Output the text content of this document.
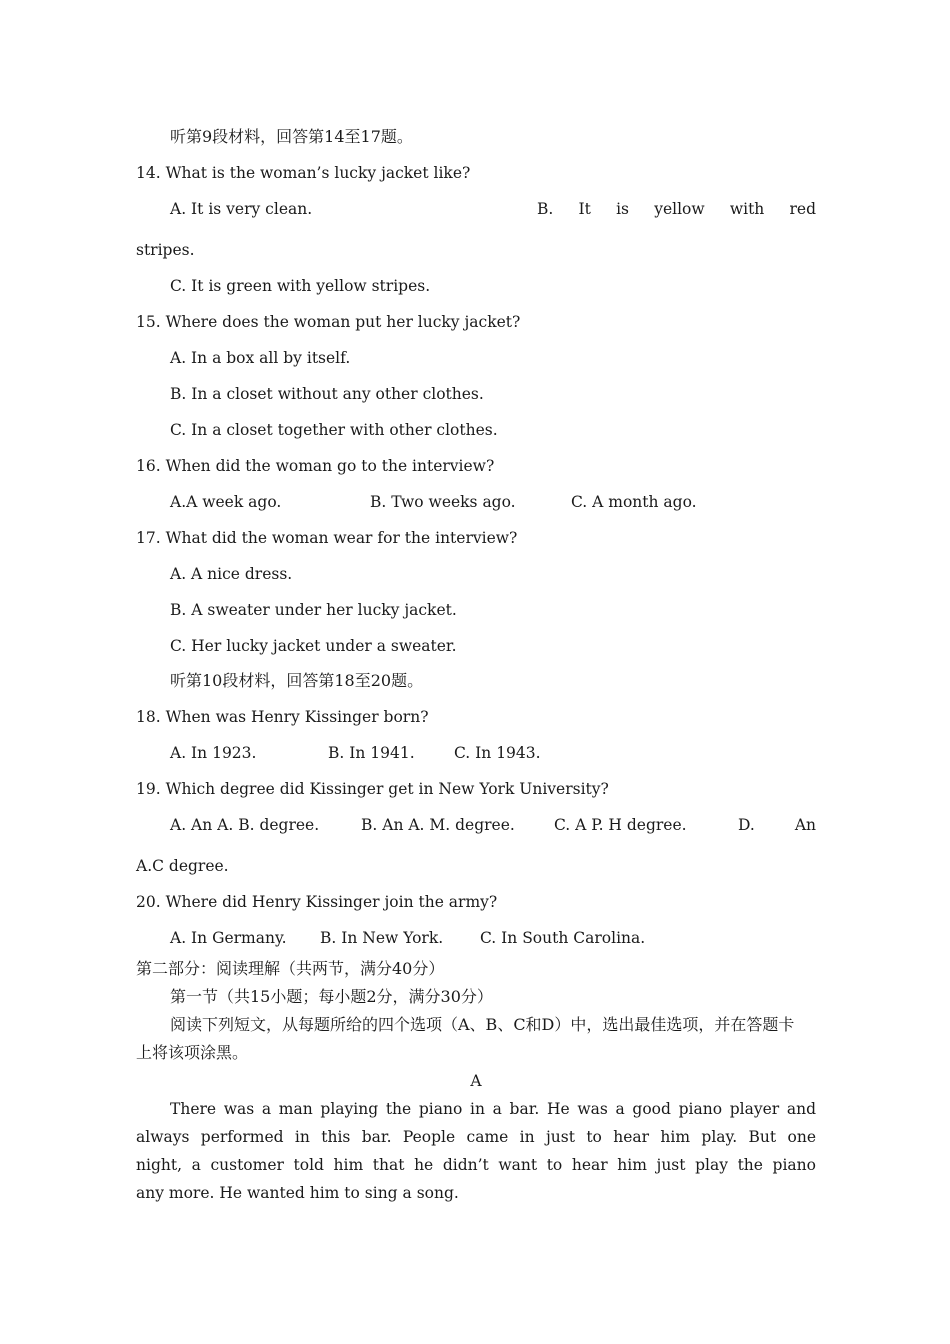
听第9段材料，回答第14至17题。
14. What is the woman’s lucky jacket like?
A. It is very clean.	B. It is yellow with red
stripes.
C. It is green with yellow stripes.
15. Where does the woman put her lucky jacket?
A. In a box all by itself.
B. In a closet without any other clothes.
C. In a closet together with other clothes.
16. When did the woman go to the interview?
A.A week ago.	B. Two weeks ago.	C. A month ago.
17. What did the woman wear for the interview?
A. A nice dress.
B. A sweater under her lucky jacket.
C. Her lucky jacket under a sweater.
听第10段材料，回答第18至20题。
18. When was Henry Kissinger born?
A. In 1923.	B. In 1941.	C. In 1943.
19. Which degree did Kissinger get in New York University?
A. An A. B. degree.	B. An A. M. degree.	C. A P. H degree.	D.	An
A.C degree.
20. Where did Henry Kissinger join the army?
A. In Germany.	B. In New York.	C. In South Carolina.
第二部分：阅读理解（共两节，满分40分）
第一节（共15小题；每小题2分，满分30分）
阅读下列短文，从每题所给的四个选项（A、B、C和D）中，选出最佳选项，并在答题卡
上将该项涂黑。
A
There was a man playing the piano in a bar. He was a good piano player and
always performed in this bar. People came in just to hear him play. But one
night, a customer told him that he didn’t want to hear him just play the piano
any more. He wanted him to sing a song.
